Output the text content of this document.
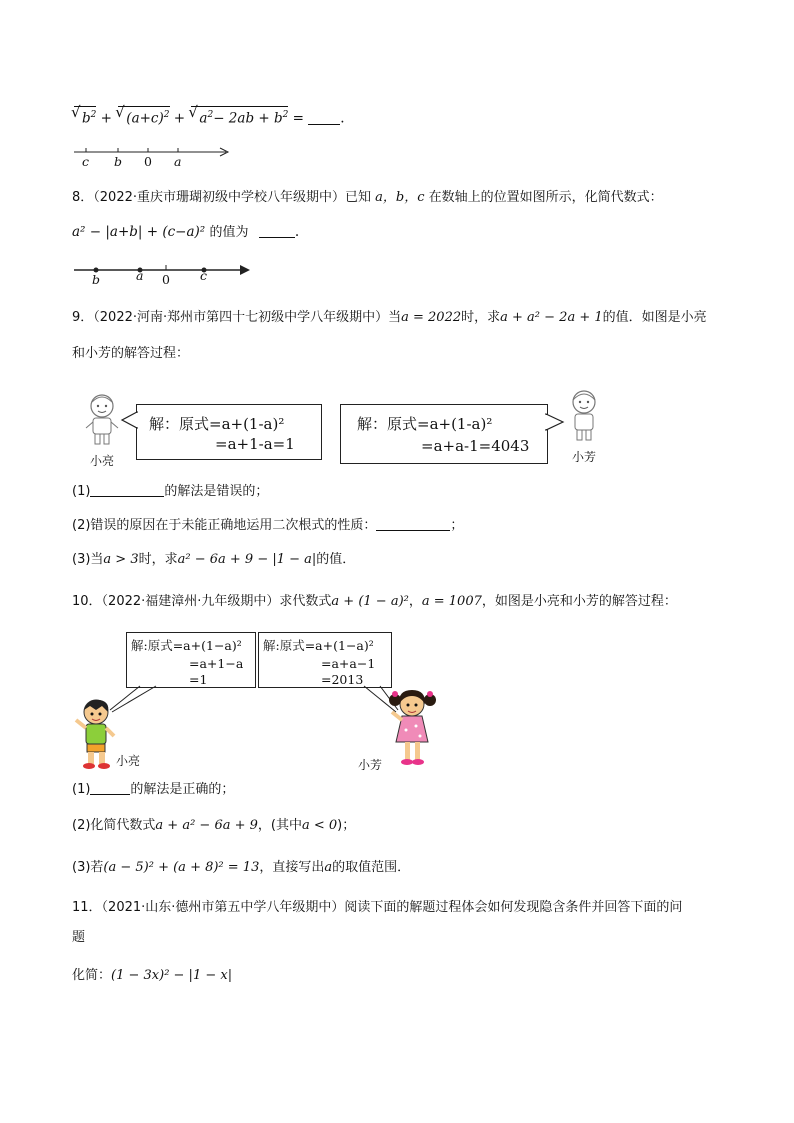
√ $b^2$ + √ $(a+c)^2$ + √ $a^2- 2ab + b^2$ =	.
c b 0 a
8．（2022·重庆市珊瑚初级中学校八年级期中）已知 a，b，c 在数轴上的位置如图所示，化简代数式：
a² − |a+b| + (c−a)² 的值为	.
b	a 0 c
9．（2022·河南·郑州市第四十七初级中学八年级期中）当a = 2022时，求a + a² − 2a + 1的值．如图是小亮
和小芳的解答过程：
小亮
解：原式=a+(1-a)²
=a+1-a=1
解：原式=a+(1-a)²
=a+a-1=4043
小芳
(1)	的解法是错误的；
(2)错误的原因在于未能正确地运用二次根式的性质：	；
(3)当a > 3时，求a² − 6a + 9 − |1 − a|的值．
10．（2022·福建漳州·九年级期中）求代数式a + (1 − a)²，a = 1007，如图是小亮和小芳的解答过程：
解:原式=a+(1−a)²
=a+1−a
=1
解:原式=a+(1−a)²
=a+a−1
=2013
小亮	小芳
(1)	的解法是正确的；
(2)化简代数式a + a² − 6a + 9，(其中a < 0)；
(3)若(a − 5)² + (a + 8)² = 13，直接写出a的取值范围．
11．（2021·山东·德州市第五中学八年级期中）阅读下面的解题过程体会如何发现隐含条件并回答下面的问
题
化简：(1 − 3x)² − |1 − x|
